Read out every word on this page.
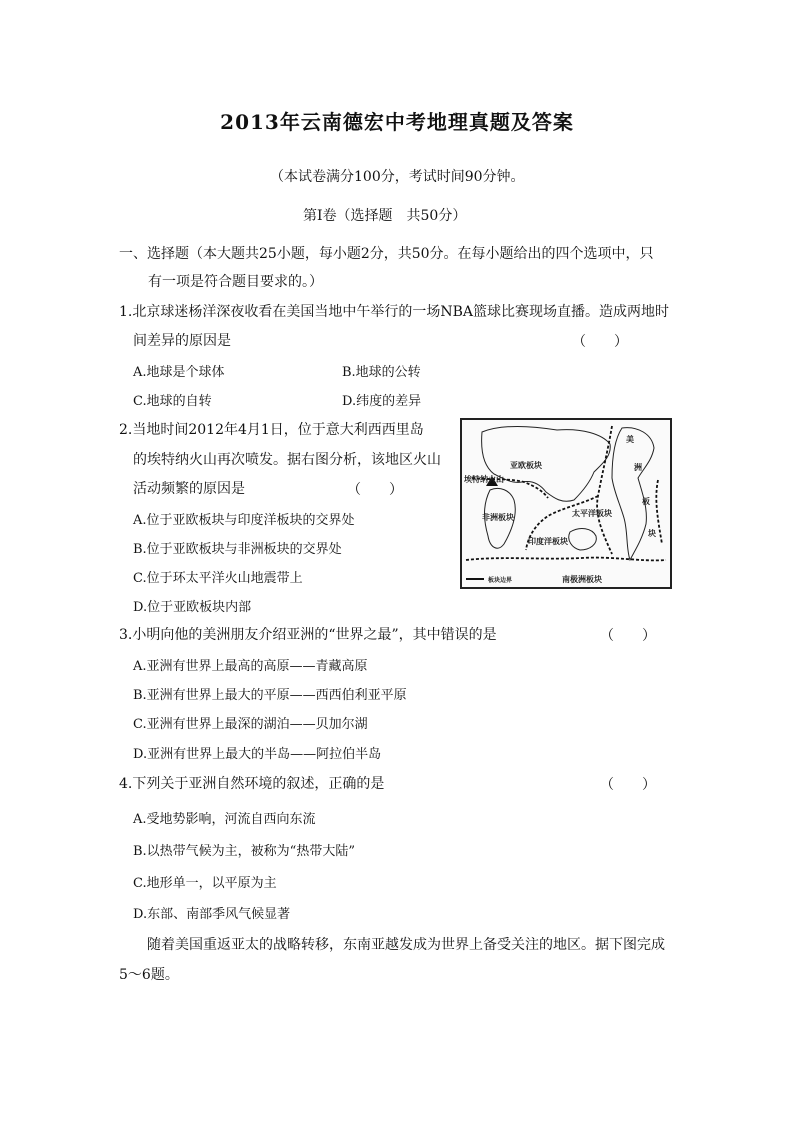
2013年云南德宏中考地理真题及答案
（本试卷满分100分，考试时间90分钟。
第Ⅰ卷（选择题　共50分）
一、选择题（本大题共25小题，每小题2分，共50分。在每小题给出的四个选项中，只
有一项是符合题目要求的。）
1.北京球迷杨洋深夜收看在美国当地中午举行的一场NBA篮球比赛现场直播。造成两地时
间差异的原因是	（　　）
A.地球是个球体	B.地球的公转
C.地球的自转	D.纬度的差异
2.当地时间2012年4月1日，位于意大利西西里岛
的埃特纳火山再次喷发。据右图分析，该地区火山
活动频繁的原因是	（　　）
A.位于亚欧板块与印度洋板块的交界处
B.位于亚欧板块与非洲板块的交界处
C.位于环太平洋火山地震带上
D.位于亚欧板块内部
亚欧板块
太平洋板块
印度洋板块
非洲板块
南极洲板块
美
洲
板
块
埃特纳火山
板块边界
3.小明向他的美洲朋友介绍亚洲的“世界之最”，其中错误的是	（　　）
A.亚洲有世界上最高的高原——青藏高原
B.亚洲有世界上最大的平原——西西伯利亚平原
C.亚洲有世界上最深的湖泊——贝加尔湖
D.亚洲有世界上最大的半岛——阿拉伯半岛
4.下列关于亚洲自然环境的叙述，正确的是	（　　）
A.受地势影响，河流自西向东流
B.以热带气候为主，被称为“热带大陆”
C.地形单一，以平原为主
D.东部、南部季风气候显著
随着美国重返亚太的战略转移，东南亚越发成为世界上备受关注的地区。据下图完成
5～6题。
